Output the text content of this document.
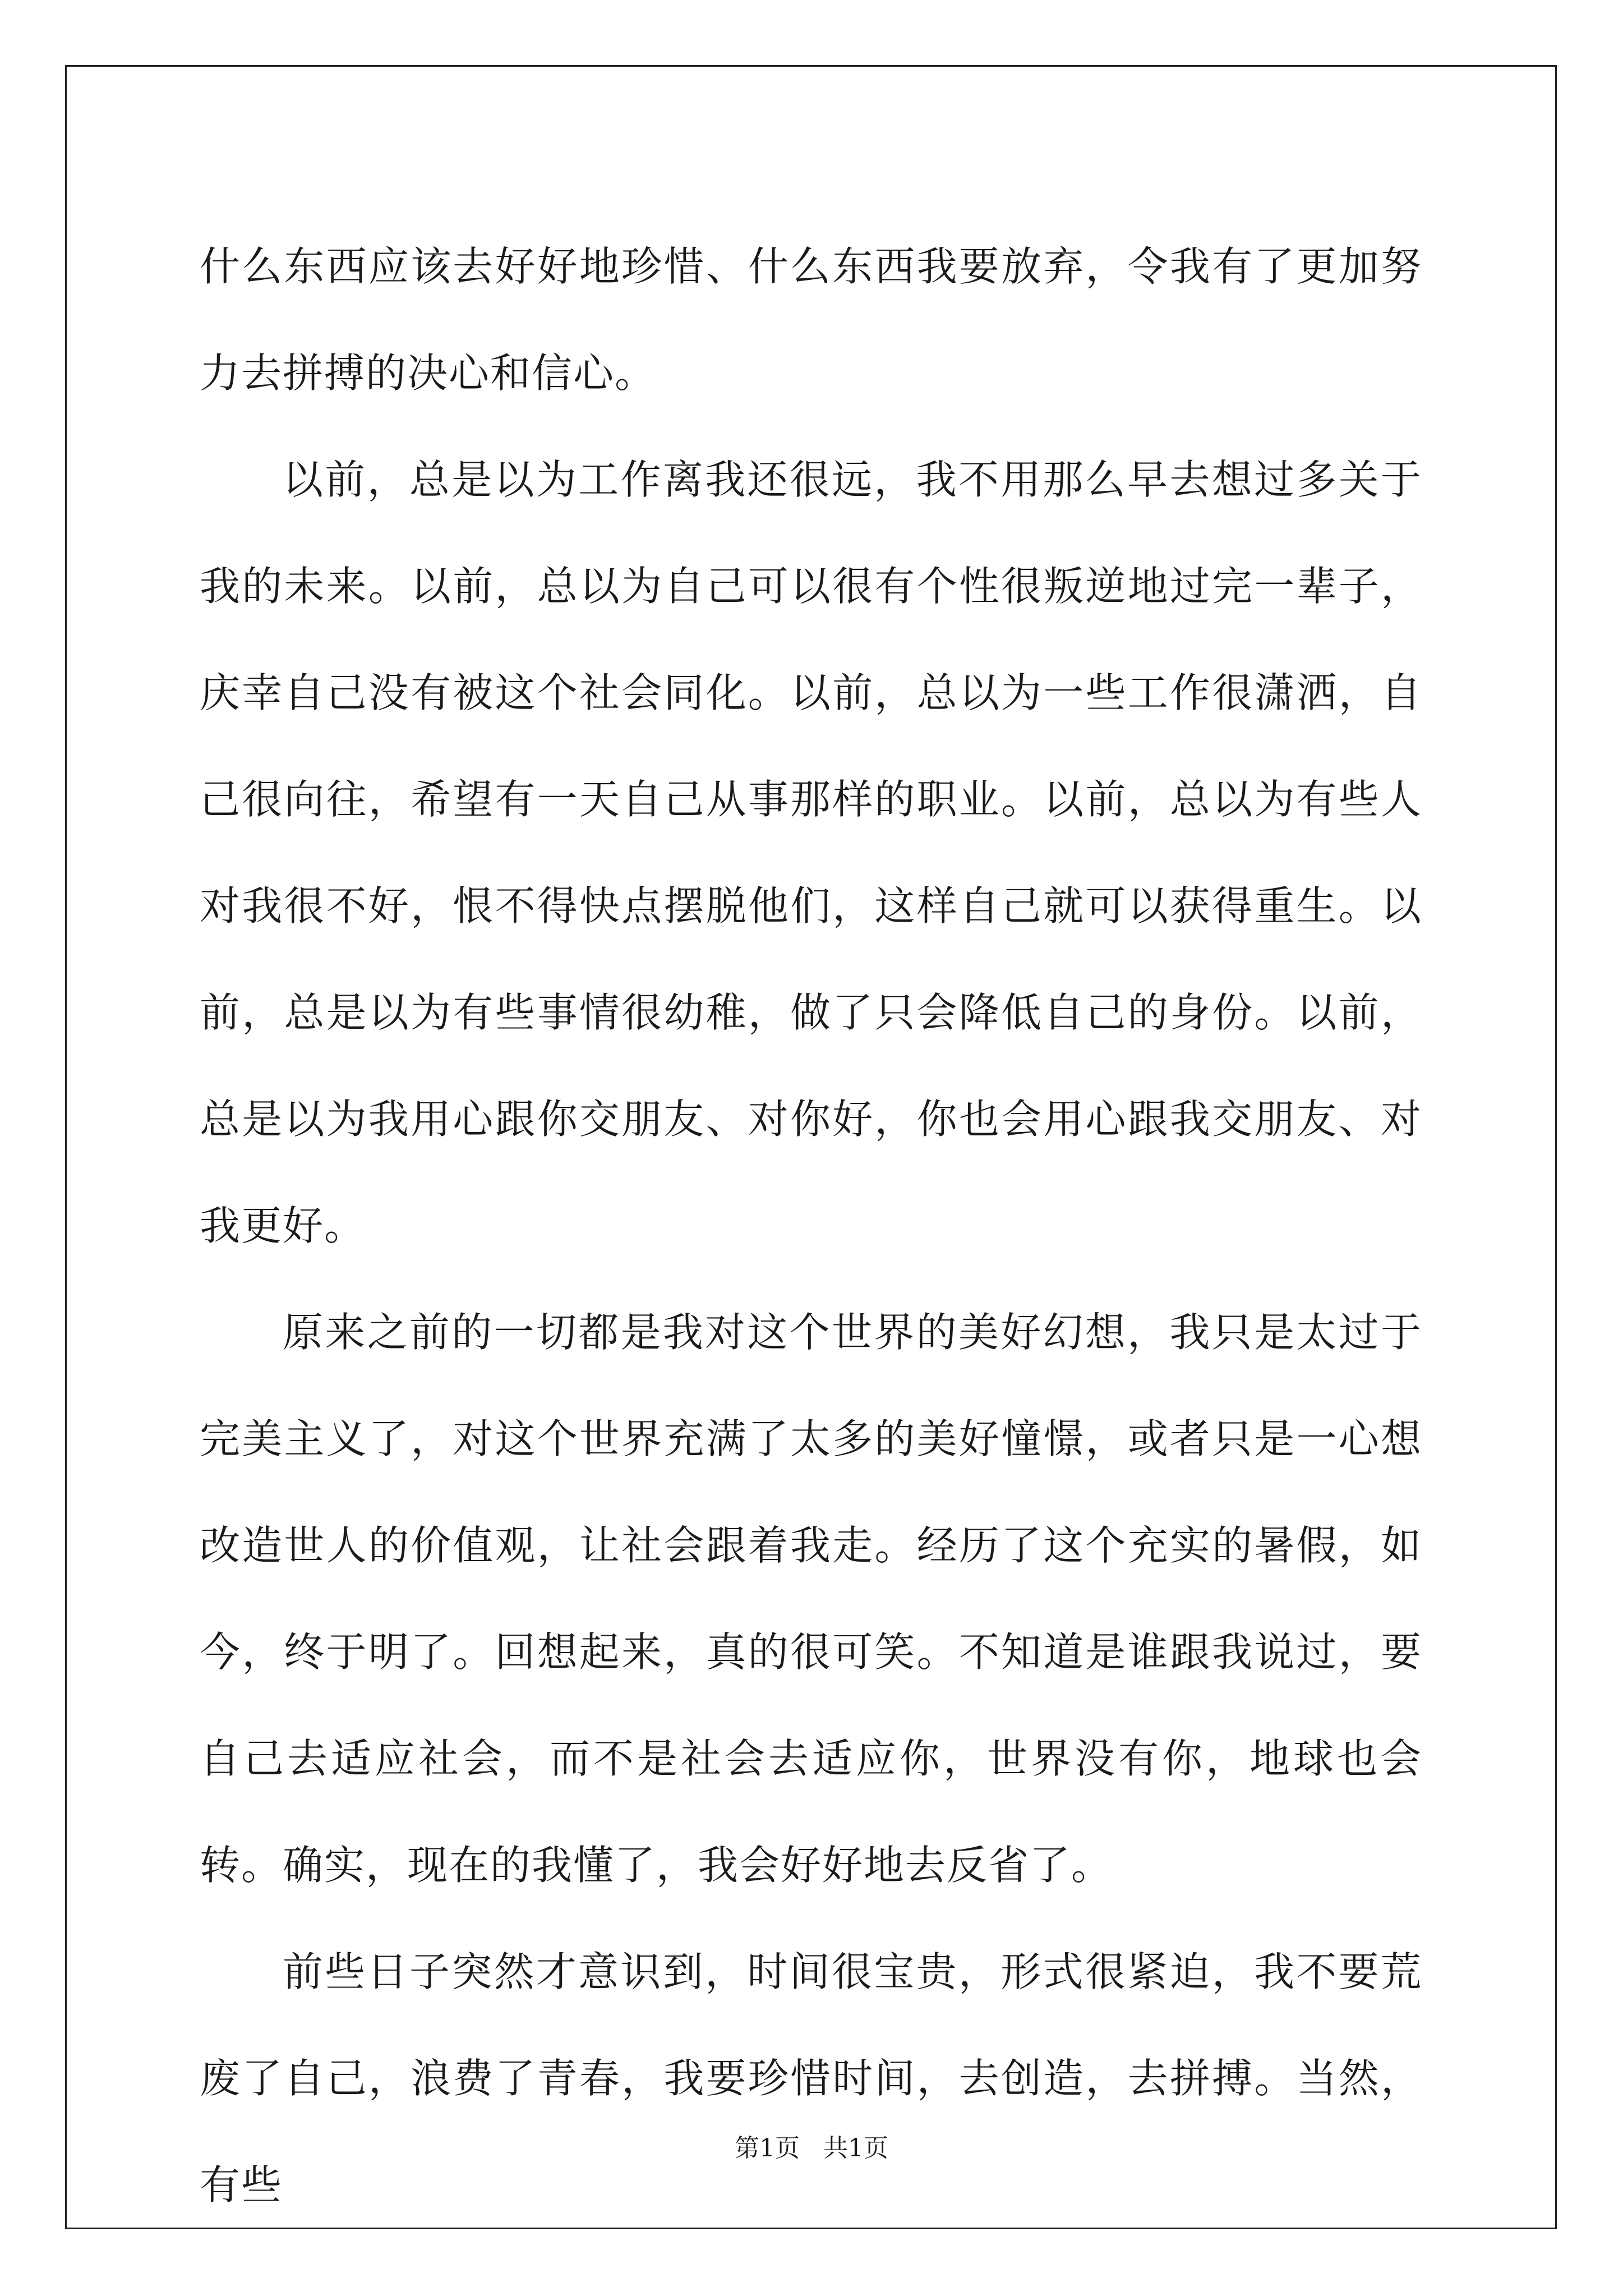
什么东西应该去好好地珍惜、什么东西我要放弃，令我有了更加努力去拼搏的决心和信心。

以前，总是以为工作离我还很远，我不用那么早去想过多关于我的未来。以前，总以为自己可以很有个性很叛逆地过完一辈子，庆幸自己没有被这个社会同化。以前，总以为一些工作很潇洒，自己很向往，希望有一天自己从事那样的职业。以前，总以为有些人对我很不好，恨不得快点摆脱他们，这样自己就可以获得重生。以前，总是以为有些事情很幼稚，做了只会降低自己的身份。以前，总是以为我用心跟你交朋友、对你好，你也会用心跟我交朋友、对我更好。

原来之前的一切都是我对这个世界的美好幻想，我只是太过于完美主义了，对这个世界充满了太多的美好憧憬，或者只是一心想改造世人的价值观，让社会跟着我走。经历了这个充实的暑假，如今，终于明了。回想起来，真的很可笑。不知道是谁跟我说过，要自己去适应社会，而不是社会去适应你，世界没有你，地球也会转。确实，现在的我懂了，我会好好地去反省了。

前些日子突然才意识到，时间很宝贵，形式很紧迫，我不要荒废了自己，浪费了青春，我要珍惜时间，去创造，去拼搏。当然，有些

第1页 共1页
